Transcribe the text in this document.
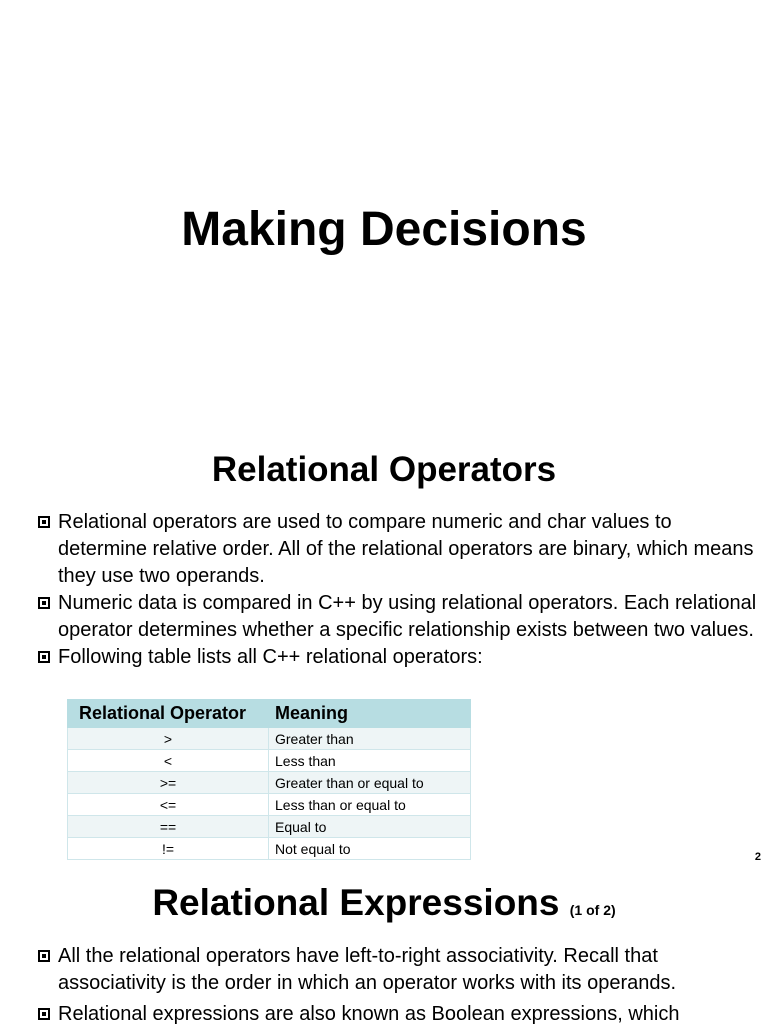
Making Decisions
Relational Operators
Relational operators are used to compare numeric and char values to determine relative order. All of the relational operators are binary, which means they use two operands.
Numeric data is compared in C++ by using relational operators. Each relational operator determines whether a specific relationship exists between two values.
Following table lists all C++ relational operators:
Relational Operator	Meaning
>	Greater than
<	Less than
>=	Greater than or equal to
<=	Less than or equal to
==	Equal to
!=	Not equal to
2
Relational Expressions (1 of 2)
All the relational operators have left-to-right associativity. Recall that associativity is the order in which an operator works with its operands.
Relational expressions are also known as Boolean expressions, which
